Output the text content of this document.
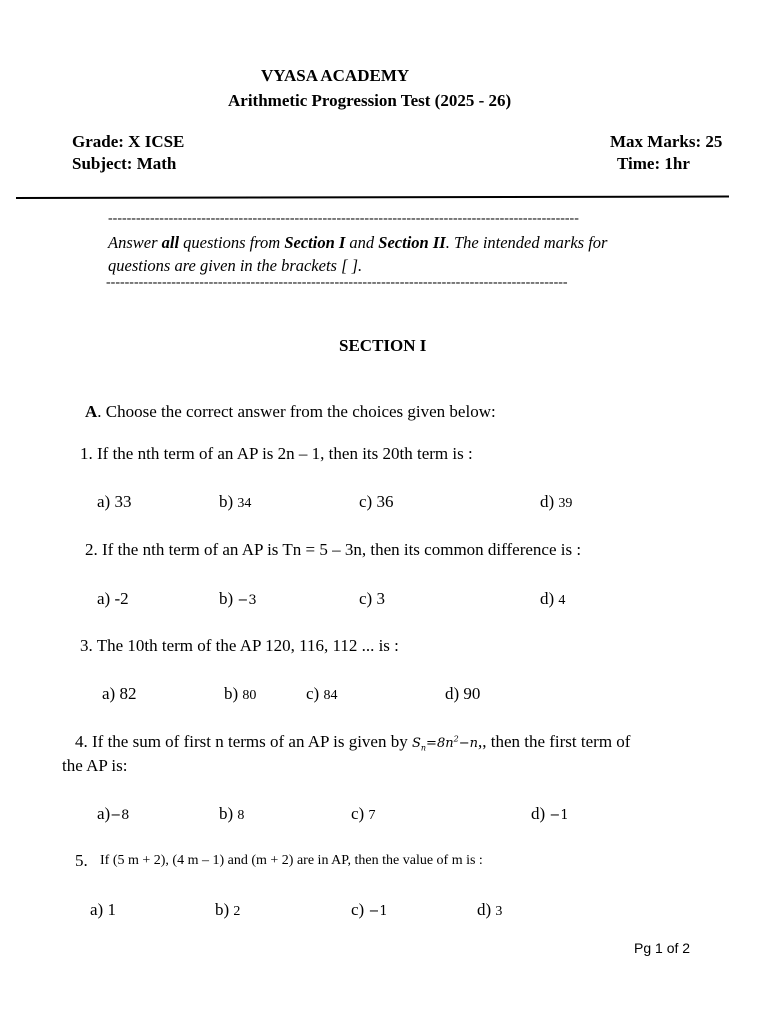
VYASA ACADEMY
Arithmetic Progression Test (2025 - 26)
Grade: X ICSE
Subject: Math
Max Marks: 25
Time: 1hr
-----------------------------------------------------------------------------------------------------
Answer all questions from Section I and Section II. The intended marks for questions are given in the brackets [ ].
---------------------------------------------------------------------------------------------------
SECTION I
A. Choose the correct answer from the choices given below:
1. If the nth term of an AP is 2n – 1, then its 20th term is :
a) 33	b) 34	c) 36	d) 39
2. If the nth term of an AP is Tn = 5 – 3n, then its common difference is :
a) -2	b) −3	c) 3	d) 4
3. The 10th term of the AP 120, 116, 112 ... is :
a) 82	b) 80	c) 84	d) 90
4. If the sum of first n terms of an AP is given by $S_n=8n^2-n$,, then the first term of
the AP is:
a)−8	b) 8	c) 7	d) −1
5. If (5 m + 2), (4 m – 1) and (m + 2) are in AP, then the value of m is :
a) 1	b) 2	c) −1	d) 3
Pg 1 of 2
